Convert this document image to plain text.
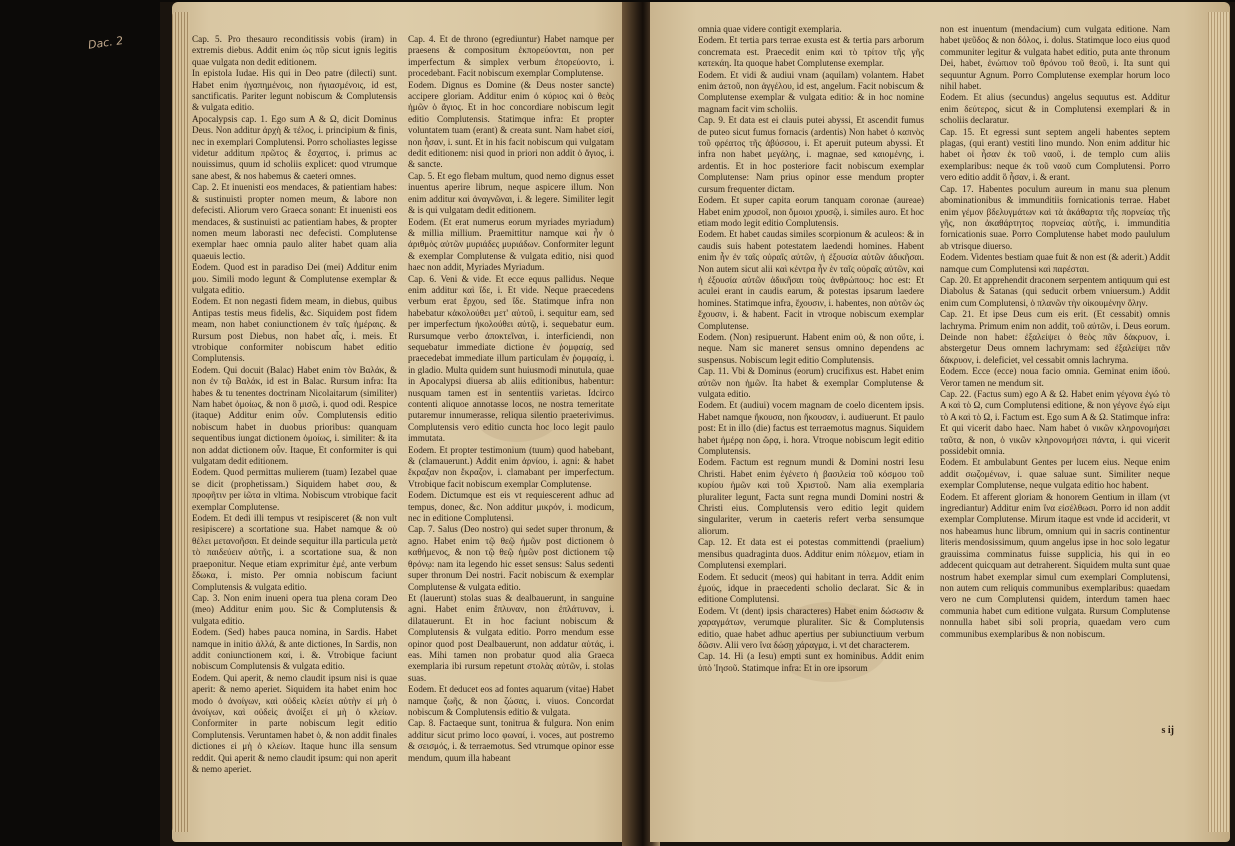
Cap. 5. Pro thesauro reconditissis vobis (iram) in extremis diebus. Addit enim ὡς πῦρ sicut ignis legitis quae vulgata non dedit editionem.

In epistola Iudae. His qui in Deo patre (dilecti) sunt. Habet enim ἡγαπημένοις, non ἡγιασμένοις, id est, sanctificatis. Pariter legunt nobiscum & Complutensis & vulgata editio.

Apocalypsis cap. 1. Ego sum A & Ω, dicit Dominus Deus. Non additur ἀρχὴ & τέλος, i. principium & finis, nec in exemplari Complutensi. Porro scholiastes legisse videtur additum πρῶτος & ἔσχατος, i. primus ac nouissimus, quum id scholiis explicet: quod vtrumque sane abest, & nos habemus & caeteri omnes.

Cap. 2. Et inuenisti eos mendaces, & patientiam habes: & sustinuisti propter nomen meum, & labore non defecisti. Aliorum vero Graeca sonant: Et inuenisti eos mendaces, & sustinuisti ac patientiam habes, & propter nomen meum laborasti nec defecisti. Complutense exemplar haec omnia paulo aliter habet quam alia quaeuis lectio.

Eodem. Quod est in paradiso Dei (mei) Additur enim μου. Simili modo legunt & Complutense exemplar & vulgata editio.

Eodem. Et non negasti fidem meam, in diebus, quibus Antipas testis meus fidelis, &c. Siquidem post fidem meam, non habet coniunctionem ἐν ταῖς ἡμέραις. & Rursum post Diebus, non habet αἷς, i. meis. Et vtrobique conformiter nobiscum habet editio Complutensis.

Eodem. Qui docuit (Balac) Habet enim τὸν Βαλάκ, & non ἐν τῷ Βαλάκ, id est in Balac. Rursum infra: Ita habes & tu tenentes doctrinam Nicolaitarum (similiter) Nam habet ὁμοίως, & non ὃ μισῶ, i. quod odi. Respice (itaque) Additur enim οὖν. Complutensis editio nobiscum habet in duobus prioribus: quanquam sequentibus iungat dictionem ὁμοίως, i. similiter: & ita non addat dictionem οὖν. Itaque, Et conformiter is qui vulgatam dedit editionem.

Eodem. Quod permittas mulierem (tuam) Iezabel quae se dicit (prophetissam.) Siquidem habet σου, & προφῆτιν per ἰῶτα in vltima. Nobiscum vtrobique facit exemplar Complutense.

Eodem. Et dedi illi tempus vt resipisceret (& non vult resipiscere) a scortatione sua. Habet namque & οὐ θέλει μετανοῆσαι. Et deinde sequitur illa particula μετὰ τὸ παιδεύειν αὐτῆς, i. a scortatione sua, & non praeponitur. Neque etiam exprimitur ἐμέ, ante verbum ἔδωκα, i. misto. Per omnia nobiscum faciunt Complutensis & vulgata editio.

Cap. 3. Non enim inueni opera tua plena coram Deo (meo) Additur enim μου. Sic & Complutensis & vulgata editio.

Eodem. (Sed) habes pauca nomina, in Sardis. Habet namque in initio ἀλλά, & ante dictiones, In Sardis, non addit coniunctionem καί, i. &. Vtrobique faciunt nobiscum Complutensis & vulgata editio.

Eodem. Qui aperit, & nemo claudit ipsum nisi is quae aperit: & nemo aperiet. Siquidem ita habet enim hoc modo ὁ ἀνοίγων, καὶ οὐδεὶς κλείει αὐτὴν εἰ μὴ ὁ ἀνοίγων, καὶ οὐδεὶς ἀνοίξει εἰ μὴ ὁ κλείων. Conformiter in parte nobiscum legit editio Complutensis. Veruntamen habet ὁ, & non addit finales dictiones εἰ μὴ ὁ κλείων. Itaque hunc illa sensum reddit. Qui aperit & nemo claudit ipsum: qui non aperit & nemo aperiet.

Cap. 4. Et de throno (egrediuntur) Habet namque per praesens & compositum ἐκπορεύονται, non per imperfectum & simplex verbum ἐπορεύοντο, i. procedebant. Facit nobiscum exemplar Complutense.

Eodem. Dignus es Domine (& Deus noster sancte) accipere gloriam. Additur enim ὁ κύριος καὶ ὁ θεὸς ἡμῶν ὁ ἅγιος. Et in hoc concordiare nobiscum legit editio Complutensis. Statimque infra: Et propter voluntatem tuam (erant) & creata sunt. Nam habet εἰσί, non ἦσαν, i. sunt. Et in his facit nobiscum qui vulgatam dedit editionem: nisi quod in priori non addit ὁ ἅγιος, i. & sancte.

Cap. 5. Et ego flebam multum, quod nemo dignus esset inuentus aperire librum, neque aspicere illum. Non enim additur καὶ ἀναγνῶναι, i. & legere. Similiter legit & is qui vulgatam dedit editionem.

Eodem. (Et erat numerus eorum myriades myriadum) & millia millium. Praemittitur namque καὶ ἦν ὁ ἀριθμὸς αὐτῶν μυριάδες μυριάδων. Conformiter legunt & exemplar Complutense & vulgata editio, nisi quod haec non addit, Myriades Myriadum.

Cap. 6. Veni & vide. Et ecce equus pallidus. Neque enim additur καὶ ἴδε, i. Et vide. Neque praecedens verbum erat ἔρχου, sed ἴδε. Statimque infra non habebatur κἀκολούθει μετ' αὐτοῦ, i. sequitur eam, sed per imperfectum ἠκολούθει αὐτῷ, i. sequebatur eum. Rursumque verbo ἀποκτεῖναι, i. interficiendi, non sequebatur immediate dictione ἐν ῥομφαίᾳ, sed praecedebat immediate illum particulam ἐν ῥομφαίᾳ, i. in gladio. Multa quidem sunt huiusmodi minutula, quae in Apocalypsi diuersa ab aliis editionibus, habentur: nusquam tamen est in sententiis varietas. Idcirco contenti aliquoe annotasse locos, ne nostra temeritate putaremur innumerasse, reliqua silentio praeterivimus. Complutensis vero editio cuncta hoc loco legit paulo immutata.

Eodem. Et propter testimonium (tuum) quod habebant, & (clamauerunt.) Addit enim ἀρνίου, i. agni: & habet ἔκραξαν non ἔκραζον, i. clamabant per imperfectum. Vtrobique facit nobiscum exemplar Complutense.

Eodem. Dictumque est eis vt requiescerent adhuc ad tempus, donec, &c. Non additur μικρόν, i. modicum, nec in editione Complutensi.

Cap. 7. Salus (Deo nostro) qui sedet super thronum, & agno. Habet enim τῷ θεῷ ἡμῶν post dictionem ὁ καθήμενος, & non τῷ θεῷ ἡμῶν post dictionem τῷ θρόνῳ: nam ita legendo hic esset sensus: Salus sedenti super thronum Dei nostri. Facit nobiscum & exemplar Complutense & vulgata editio.

Et (lauerunt) stolas suas & dealbauerunt, in sanguine agni. Habet enim ἔπλυναν, non ἐπλάτυναν, i. dilatauerunt. Et in hoc faciunt nobiscum & Complutensis & vulgata editio. Porro mendum esse opinor quod post Dealbauerunt, non addatur αὐτάς, i. eas. Mihi tamen non probatur quod alia Graeca exemplaria ibi rursum repetunt στολὰς αὐτῶν, i. stolas suas.

Eodem. Et deducet eos ad fontes aquarum (vitae) Habet namque ζωῆς, & non ζώσας, i. viuos. Concordat nobiscum & Complutensis editio & vulgata.

Cap. 8. Factaeque sunt, tonitrua & fulgura. Non enim additur sicut primo loco φωναί, i. voces, aut postremo & σεισμός, i. & terraemotus. Sed vtrumque opinor esse mendum, quum illa habeant

omnia quae videre contigit exemplaria.

Eodem. Et tertia pars terrae exusta est & tertia pars arborum concremata est. Praecedit enim καὶ τὸ τρίτον τῆς γῆς κατεκάη. Ita quoque habet Complutense exemplar.

Eodem. Et vidi & audiui vnam (aquilam) volantem. Habet enim ἀετοῦ, non ἀγγέλου, id est, angelum. Facit nobiscum & Complutense exemplar & vulgata editio: & in hoc nomine magnam facit vim scholiis.

Cap. 9. Et data est ei clauis putei abyssi, Et ascendit fumus de puteo sicut fumus fornacis (ardentis) Non habet ὁ καπνὸς τοῦ φρέατος τῆς ἀβύσσου, i. Et aperuit puteum abyssi. Et infra non habet μεγάλης, i. magnae, sed καιομένης, i. ardentis. Et in hoc posteriore facit nobiscum exemplar Complutense: Nam prius opinor esse mendum propter cursum frequenter dictam.

Eodem. Et super capita eorum tanquam coronae (aureae) Habet enim χρυσοῖ, non ὅμοιοι χρυσῷ, i. similes auro. Et hoc etiam modo legit editio Complutensis.

Eodem. Et habet caudas similes scorpionum & aculeos: & in caudis suis habent potestatem laedendi homines. Habent enim ἦν ἐν ταῖς οὐραῖς αὐτῶν, ἡ ἐξουσία αὐτῶν ἀδικῆσαι. Non autem sicut alii καὶ κέντρα ἦν ἐν ταῖς οὐραῖς αὐτῶν, καὶ ἡ ἐξουσία αὐτῶν ἀδικῆσαι τοὺς ἀνθρώπους: hoc est: Et aculei erant in caudis earum, & potestas ipsarum laedere homines. Statimque infra, ἔχουσιν, i. habentes, non αὐτῶν ὡς ἔχουσιν, i. & habent. Facit in vtroque nobiscum exemplar Complutense.

Eodem. (Non) resipuerunt. Habent enim οὐ, & non οὔτε, i. neque. Nam sic maneret sensus omnino dependens ac suspensus. Nobiscum legit editio Complutensis.

Cap. 11. Vbi & Dominus (eorum) crucifixus est. Habet enim αὐτῶν non ἡμῶν. Ita habet & exemplar Complutense & vulgata editio.

Eodem. Et (audiui) vocem magnam de coelo dicentem ipsis. Habet namque ἤκουσα, non ἤκουσαν, i. audiuerunt. Et paulo post: Et in illo (die) factus est terraemotus magnus. Siquidem habet ἡμέρᾳ non ὥρᾳ, i. hora. Vtroque nobiscum legit editio Complutensis.

Eodem. Factum est regnum mundi & Domini nostri Iesu Christi. Habet enim ἐγένετο ἡ βασιλεία τοῦ κόσμου τοῦ κυρίου ἡμῶν καὶ τοῦ Χριστοῦ. Nam alia exemplaria pluraliter legunt, Facta sunt regna mundi Domini nostri & Christi eius. Complutensis vero editio legit quidem singulariter, verum in caeteris refert verba sensumque aliorum.

Cap. 12. Et data est ei potestas committendi (praelium) mensibus quadraginta duos. Additur enim πόλεμον, etiam in Complutensi exemplari.

Eodem. Et seducit (meos) qui habitant in terra. Addit enim ἐμούς, idque in praecedenti scholio declarat. Sic & in editione Complutensi.

Eodem. Vt (dent) ipsis characteres) Habet enim δώσωσιν & χαραγμάτων, verumque pluraliter. Sic & Complutensis editio, quae habet adhuc apertius per subiunctiuum verbum δῶσιν. Alii vero ἵνα δώσῃ χάραγμα, i. vt det characterem.

Cap. 14. Hi (a Iesu) empti sunt ex hominibus. Addit enim ὑπὸ Ἰησοῦ. Statimque infra: Et in ore ipsorum

non est inuentum (mendacium) cum vulgata editione. Nam habet ψεῦδος & non δόλος, i. dolus. Statimque loco eius quod communiter legitur & vulgata habet editio, puta ante thronum Dei, habet, ἐνώπιον τοῦ θρόνου τοῦ θεοῦ, i. Ita sunt qui sequuntur Agnum. Porro Complutense exemplar horum loco nihil habet.

Eodem. Et alius (secundus) angelus sequutus est. Additur enim δεύτερος, sicut & in Complutensi exemplari & in scholiis declaratur.

Cap. 15. Et egressi sunt septem angeli habentes septem plagas, (qui erant) vestiti lino mundo. Non enim additur hic habet οἱ ἦσαν ἐκ τοῦ ναοῦ, i. de templo cum aliis exemplaribus: neque ἐκ τοῦ ναοῦ cum Complutensi. Porro vero editio addit ὃ ἦσαν, i. & erant.

Cap. 17. Habentes poculum aureum in manu sua plenum abominationibus & immunditiis fornicationis terrae. Habet enim γέμον βδελυγμάτων καὶ τὰ ἀκάθαρτα τῆς πορνείας τῆς γῆς, non ἀκαθάρτητος πορνείας αὐτῆς, i. immunditia fornicationis suae. Porro Complutense habet modo paululum ab vtrisque diuerso.

Eodem. Videntes bestiam quae fuit & non est (& aderit.) Addit namque cum Complutensi καὶ παρέσται.

Cap. 20. Et apprehendit draconem serpentem antiquum qui est Diabolus & Satanas (qui seducit orbem vniuersum.) Addit enim cum Complutensi, ὁ πλανῶν τὴν οἰκουμένην ὅλην.

Cap. 21. Et ipse Deus cum eis erit. (Et cessabit) omnis lachryma. Primum enim non addit, τοῦ αὐτῶν, i. Deus eorum. Deinde non habet: ἐξαλείψει ὁ θεὸς πᾶν δάκρυον, i. abstergetur Deus omnem lachrymam: sed ἐξαλείψει πᾶν δάκρυον, i. deleficiet, vel cessabit omnis lachryma.

Eodem. Ecce (ecce) noua facio omnia. Geminat enim ἰδού. Veror tamen ne mendum sit.

Cap. 22. (Factus sum) ego A & Ω. Habet enim γέγονα ἐγώ τὸ Α καὶ τὸ Ω, cum Complutensi editione, & non γέγονε ἐγώ εἰμι τὸ Α καὶ τὸ Ω, i. Factum est. Ego sum A & Ω. Statimque infra: Et qui vicerit dabo haec. Nam habet ὁ νικῶν κληρονομήσει ταῦτα, & non, ὁ νικῶν κληρονομήσει πάντα, i. qui vicerit possidebit omnia.

Eodem. Et ambulabunt Gentes per lucem eius. Neque enim addit σωζομένων, i. quae saluae sunt. Similiter neque exemplar Complutense, neque vulgata editio hoc habent.

Eodem. Et afferent gloriam & honorem Gentium in illam (vt ingrediantur) Additur enim ἵνα εἰσέλθωσι. Porro id non addit exemplar Complutense. Mirum itaque est vnde id acciderit, vt nos habeamus hunc librum, omnium qui in sacris continentur literis mendosissimum, quum angelus ipse in hoc solo legatur grauissima comminatus fuisse supplicia, his qui in eo addecent quicquam aut detraherent. Siquidem multa sunt quae nostrum habet exemplar simul cum exemplari Complutensi, non autem cum reliquis communibus exemplaribus: quaedam vero ne cum Complutensi quidem, interdum tamen haec communia habet cum editione vulgata. Rursum Complutense nonnulla habet sibi soli propria, quaedam vero cum communibus exemplaribus & non nobiscum.

s ij
Dac. 2
